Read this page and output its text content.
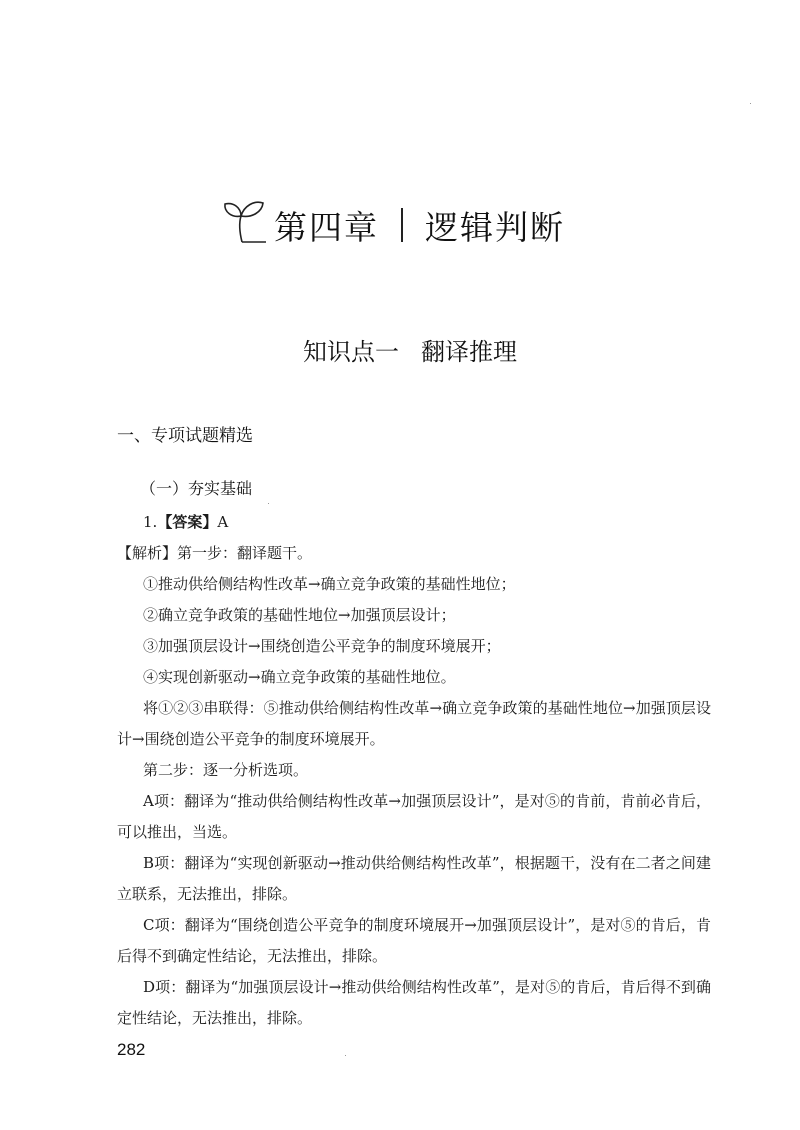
第四章 逻辑判断
知识点一 翻译推理
一、专项试题精选
（一）夯实基础

1.【答案】A

【解析】第一步：翻译题干。

①推动供给侧结构性改革→确立竞争政策的基础性地位；

②确立竞争政策的基础性地位→加强顶层设计；

③加强顶层设计→围绕创造公平竞争的制度环境展开；

④实现创新驱动→确立竞争政策的基础性地位。

将①②③串联得：⑤推动供给侧结构性改革→确立竞争政策的基础性地位→加强顶层设计→围绕创造公平竞争的制度环境展开。

第二步：逐一分析选项。

A项：翻译为“推动供给侧结构性改革→加强顶层设计”，是对⑤的肯前，肯前必肯后，可以推出，当选。

B项：翻译为“实现创新驱动→推动供给侧结构性改革”，根据题干，没有在二者之间建立联系，无法推出，排除。

C项：翻译为“围绕创造公平竞争的制度环境展开→加强顶层设计”，是对⑤的肯后，肯后得不到确定性结论，无法推出，排除。

D项：翻译为“加强顶层设计→推动供给侧结构性改革”，是对⑤的肯后，肯后得不到确定性结论，无法推出，排除。

282
